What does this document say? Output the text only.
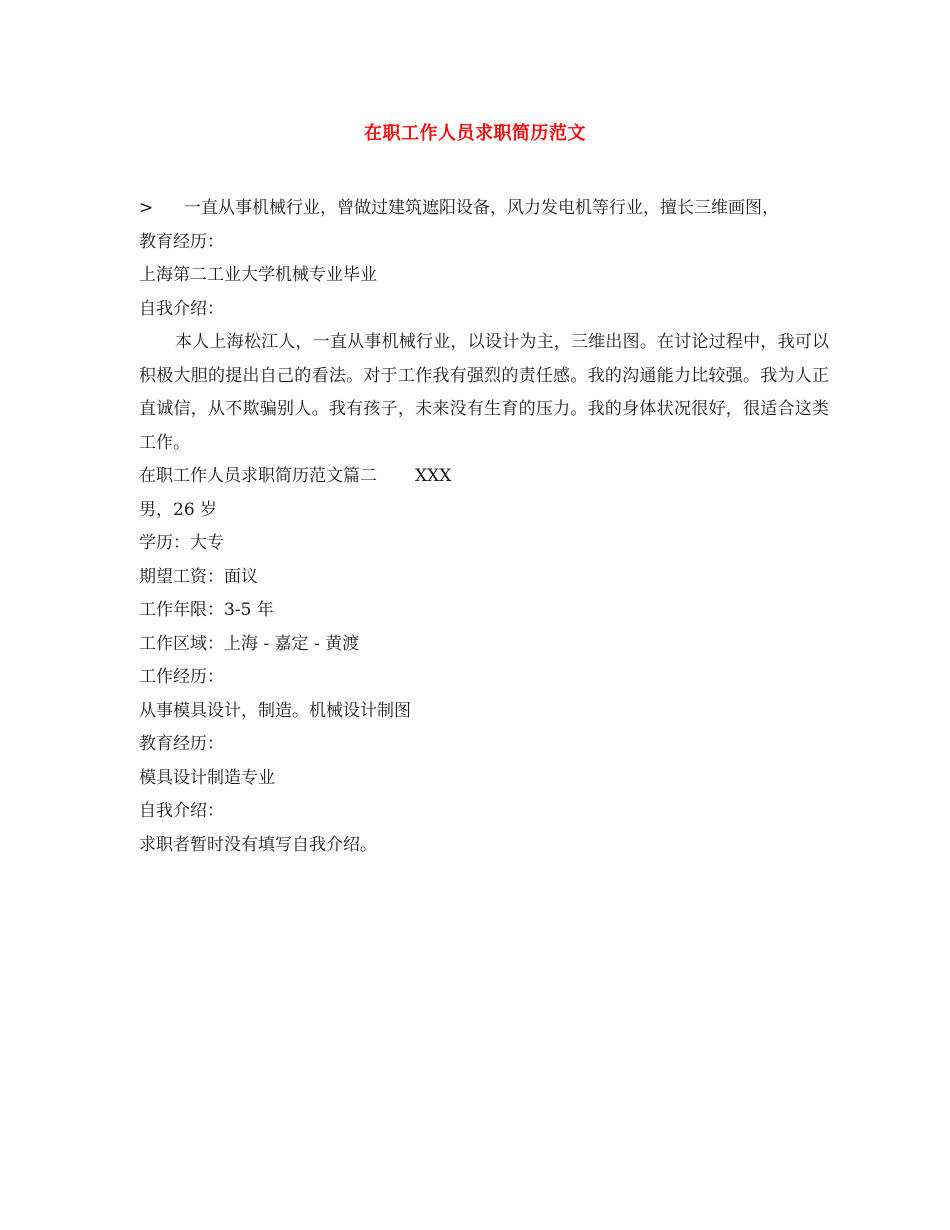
在职工作人员求职简历范文

>	一直从事机械行业，曾做过建筑遮阳设备，风力发电机等行业，擅长三维画图，

教育经历：

上海第二工业大学机械专业毕业

自我介绍：

本人上海松江人，一直从事机械行业，以设计为主，三维出图。在讨论过程中，我可以积极大胆的提出自己的看法。对于工作我有强烈的责任感。我的沟通能力比较强。我为人正直诚信，从不欺骗别人。我有孩子，未来没有生育的压力。我的身体状况很好，很适合这类工作。

在职工作人员求职简历范文篇二 XXX

男，26 岁

学历：大专

期望工资：面议

工作年限：3-5 年

工作区域：上海 - 嘉定 - 黄渡

工作经历：

从事模具设计，制造。机械设计制图

教育经历：

模具设计制造专业

自我介绍：

求职者暂时没有填写自我介绍。
